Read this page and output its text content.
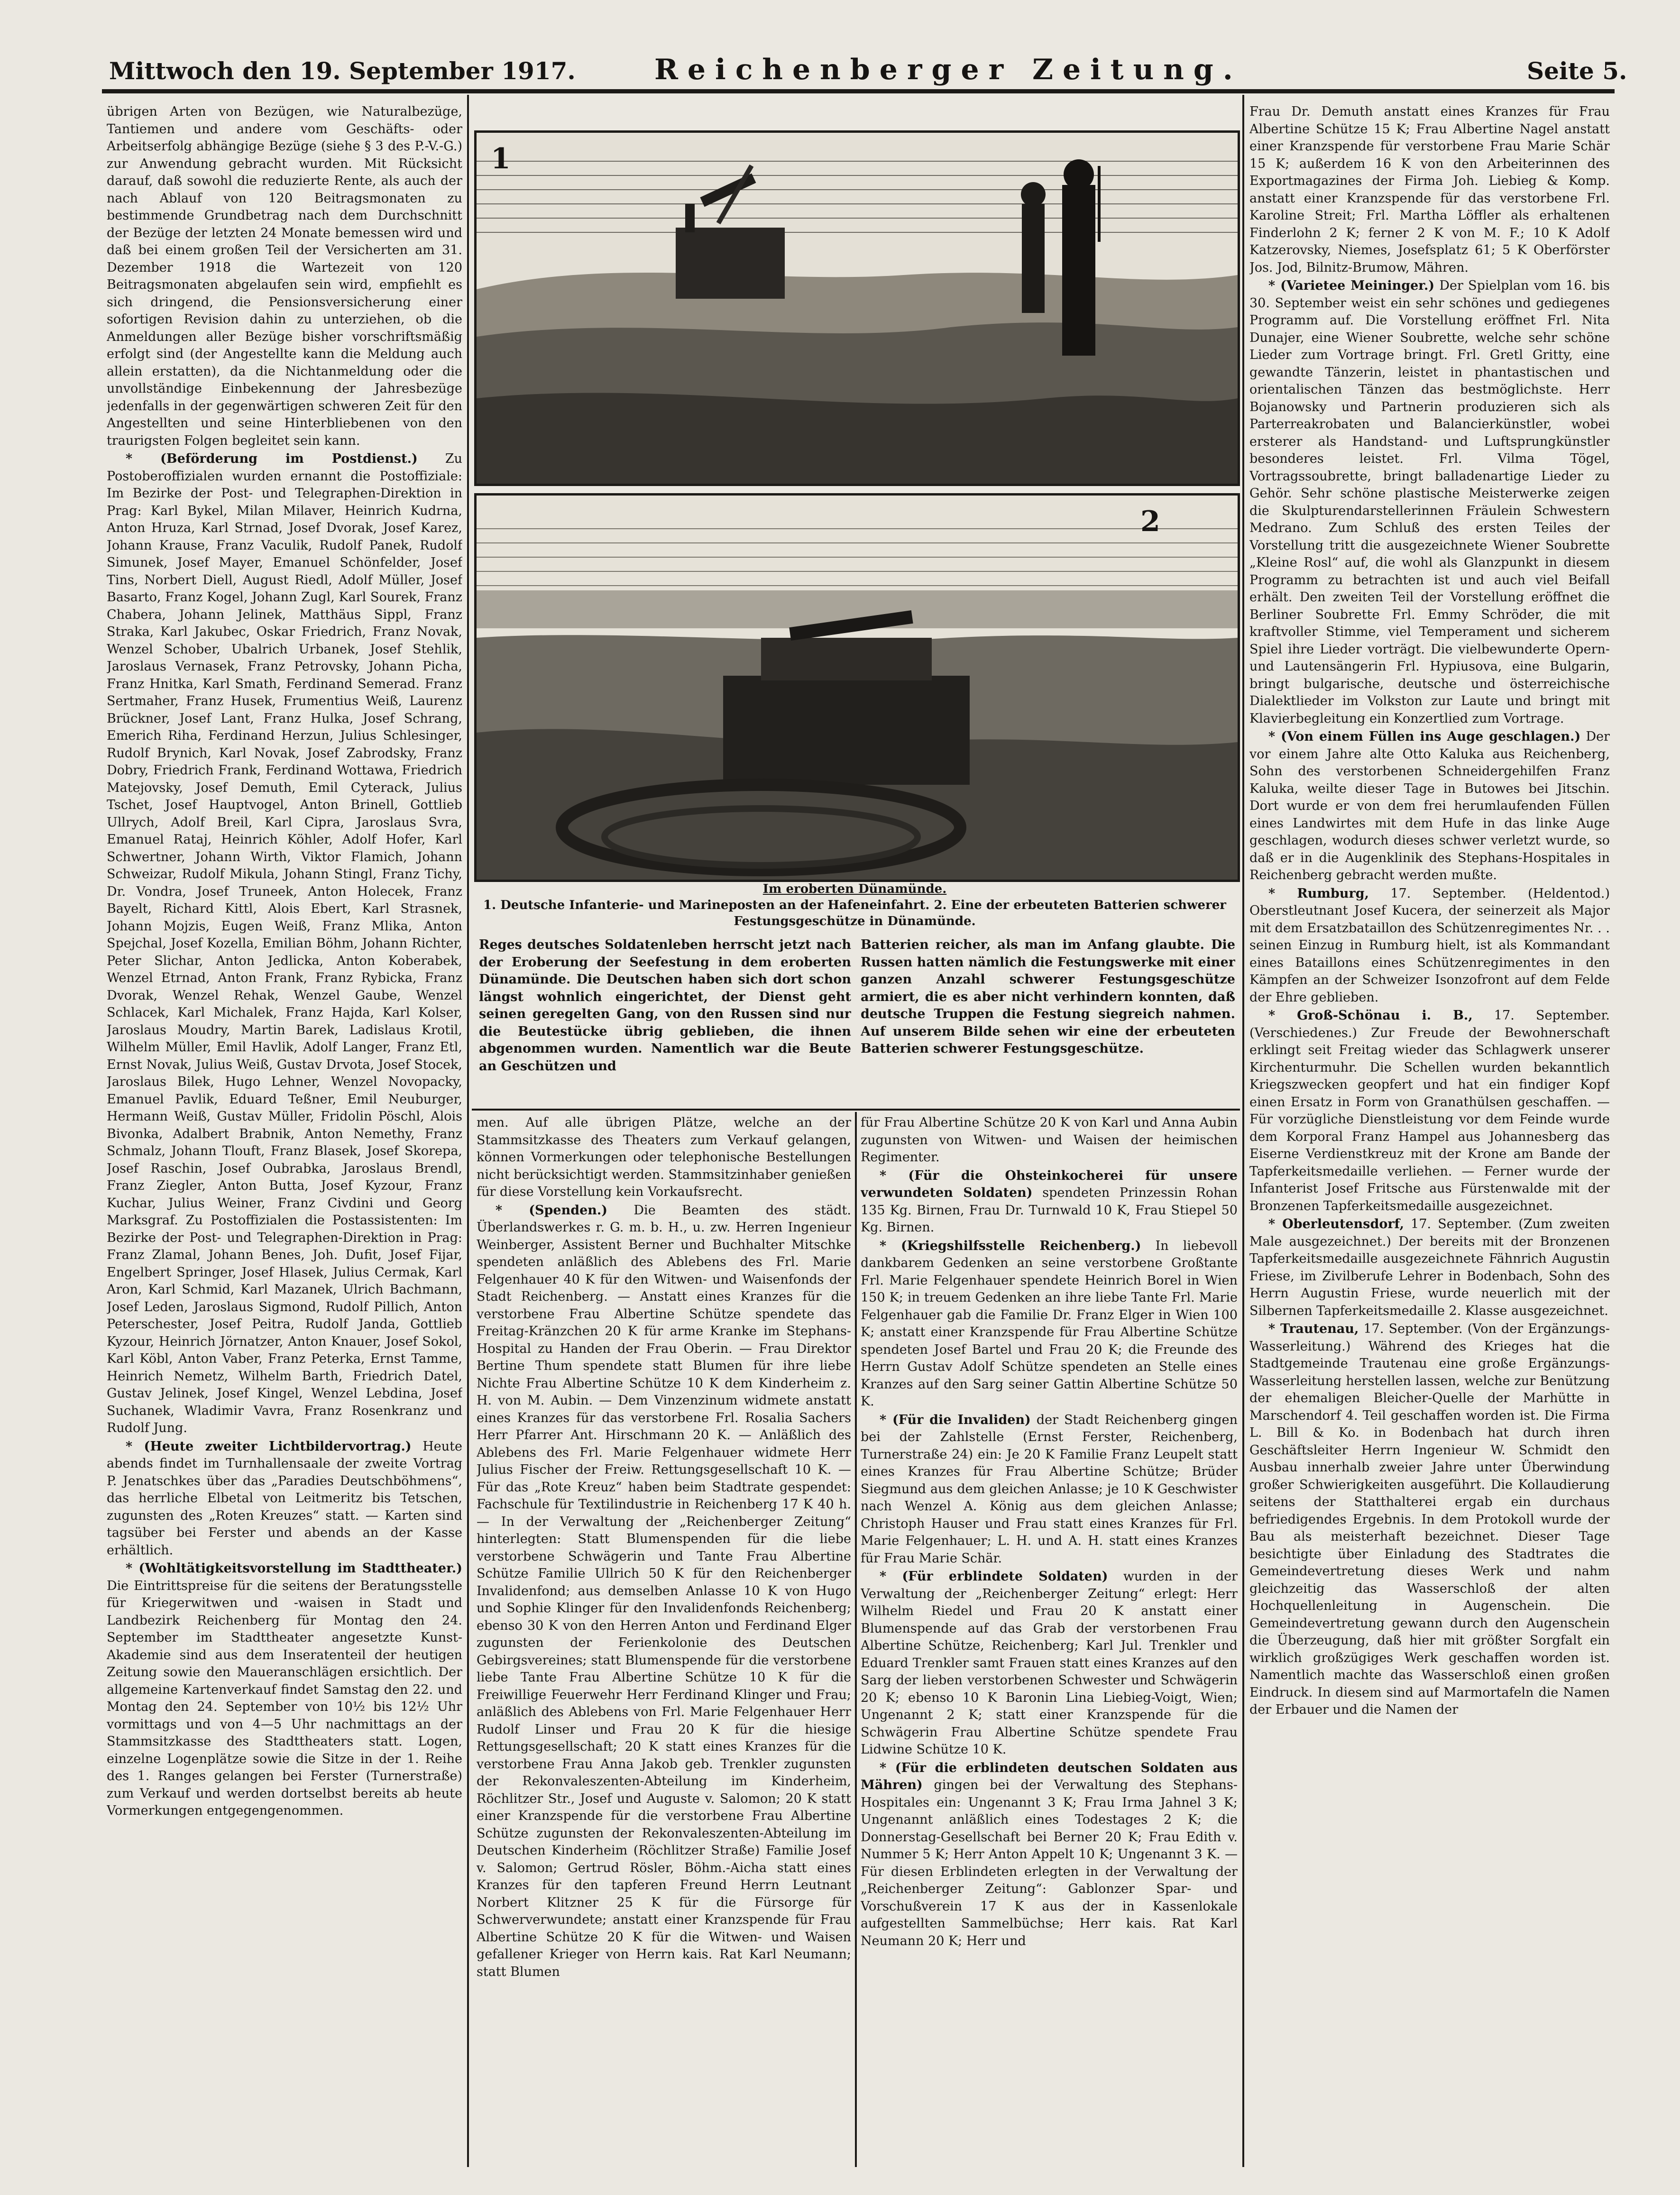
Mittwoch den 19. September 1917.	Reichenberger Zeitung.	Seite 5.

übrigen Arten von Bezügen, wie Naturalbezüge, Tantiemen und andere vom Geschäfts- oder Arbeitserfolg abhängige Bezüge (siehe § 3 des P.-V.-G.) zur Anwendung gebracht wurden. Mit Rücksicht darauf, daß sowohl die reduzierte Rente, als auch der nach Ablauf von 120 Beitragsmonaten zu bestimmende Grundbetrag nach dem Durchschnitt der Bezüge der letzten 24 Monate bemessen wird und daß bei einem großen Teil der Versicherten am 31. Dezember 1918 die Wartezeit von 120 Beitragsmonaten abgelaufen sein wird, empfiehlt es sich dringend, die Pensionsversicherung einer sofortigen Revision dahin zu unterziehen, ob die Anmeldungen aller Bezüge bisher vorschriftsmäßig erfolgt sind (der Angestellte kann die Meldung auch allein erstatten), da die Nichtanmeldung oder die unvollständige Einbekennung der Jahresbezüge jedenfalls in der gegenwärtigen schweren Zeit für den Angestellten und seine Hinterbliebenen von den traurigsten Folgen begleitet sein kann.

* (Beförderung im Postdienst.) Zu Postoberoffizialen wurden ernannt die Postoffiziale: Im Bezirke der Post- und Telegraphen-Direktion in Prag: Karl Bykel, Milan Milaver, Heinrich Kudrna, Anton Hruza, Karl Strnad, Josef Dvorak, Josef Karez, Johann Krause, Franz Vaculik, Rudolf Panek, Rudolf Simunek, Josef Mayer, Emanuel Schönfelder, Josef Tins, Norbert Diell, August Riedl, Adolf Müller, Josef Basarto, Franz Kogel, Johann Zugl, Karl Sourek, Franz Chabera, Johann Jelinek, Matthäus Sippl, Franz Straka, Karl Jakubec, Oskar Friedrich, Franz Novak, Wenzel Schober, Ubalrich Urbanek, Josef Stehlik, Jaroslaus Vernasek, Franz Petrovsky, Johann Picha, Franz Hnitka, Karl Smath, Ferdinand Semerad. Franz Sertmaher, Franz Husek, Frumentius Weiß, Laurenz Brückner, Josef Lant, Franz Hulka, Josef Schrang, Emerich Riha, Ferdinand Herzun, Julius Schlesinger, Rudolf Brynich, Karl Novak, Josef Zabrodsky, Franz Dobry, Friedrich Frank, Ferdinand Wottawa, Friedrich Matejovsky, Josef Demuth, Emil Cyterack, Julius Tschet, Josef Hauptvogel, Anton Brinell, Gottlieb Ullrych, Adolf Breil, Karl Cipra, Jaroslaus Svra, Emanuel Rataj, Heinrich Köhler, Adolf Hofer, Karl Schwertner, Johann Wirth, Viktor Flamich, Johann Schweizar, Rudolf Mikula, Johann Stingl, Franz Tichy, Dr. Vondra, Josef Truneek, Anton Holecek, Franz Bayelt, Richard Kittl, Alois Ebert, Karl Strasnek, Johann Mojzis, Eugen Weiß, Franz Mlika, Anton Spejchal, Josef Kozella, Emilian Böhm, Johann Richter, Peter Slichar, Anton Jedlicka, Anton Koberabek, Wenzel Etrnad, Anton Frank, Franz Rybicka, Franz Dvorak, Wenzel Rehak, Wenzel Gaube, Wenzel Schlacek, Karl Michalek, Franz Hajda, Karl Kolser, Jaroslaus Moudry, Martin Barek, Ladislaus Krotil, Wilhelm Müller, Emil Havlik, Adolf Langer, Franz Etl, Ernst Novak, Julius Weiß, Gustav Drvota, Josef Stocek, Jaroslaus Bilek, Hugo Lehner, Wenzel Novopacky, Emanuel Pavlik, Eduard Teßner, Emil Neuburger, Hermann Weiß, Gustav Müller, Fridolin Pöschl, Alois Bivonka, Adalbert Brabnik, Anton Nemethy, Franz Schmalz, Johann Tlouft, Franz Blasek, Josef Skorepa, Josef Raschin, Josef Oubrabka, Jaroslaus Brendl, Franz Ziegler, Anton Butta, Josef Kyzour, Franz Kuchar, Julius Weiner, Franz Civdini und Georg Marksgraf. Zu Postoffizialen die Postassistenten: Im Bezirke der Post- und Telegraphen-Direktion in Prag: Franz Zlamal, Johann Benes, Joh. Dufit, Josef Fijar, Engelbert Springer, Josef Hlasek, Julius Cermak, Karl Aron, Karl Schmid, Karl Mazanek, Ulrich Bachmann, Josef Leden, Jaroslaus Sigmond, Rudolf Pillich, Anton Peterschester, Josef Peitra, Rudolf Janda, Gottlieb Kyzour, Heinrich Jörnatzer, Anton Knauer, Josef Sokol, Karl Köbl, Anton Vaber, Franz Peterka, Ernst Tamme, Heinrich Nemetz, Wilhelm Barth, Friedrich Datel, Gustav Jelinek, Josef Kingel, Wenzel Lebdina, Josef Suchanek, Wladimir Vavra, Franz Rosenkranz und Rudolf Jung.

* (Heute zweiter Lichtbildervortrag.) Heute abends findet im Turnhallensaale der zweite Vortrag P. Jenatschkes über das „Paradies Deutschböhmens“, das herrliche Elbetal von Leitmeritz bis Tetschen, zugunsten des „Roten Kreuzes“ statt. — Karten sind tagsüber bei Ferster und abends an der Kasse erhältlich.

* (Wohltätigkeitsvorstellung im Stadttheater.) Die Eintrittspreise für die seitens der Beratungsstelle für Kriegerwitwen und -waisen in Stadt und Landbezirk Reichenberg für Montag den 24. September im Stadttheater angesetzte Kunst-Akademie sind aus dem Inseratenteil der heutigen Zeitung sowie den Maueranschlägen ersichtlich. Der allgemeine Kartenverkauf findet Samstag den 22. und Montag den 24. September von 10½ bis 12½ Uhr vormittags und von 4—5 Uhr nachmittags an der Stammsitzkasse des Stadttheaters statt. Logen, einzelne Logenplätze sowie die Sitze in der 1. Reihe des 1. Ranges gelangen bei Ferster (Turnerstraße) zum Verkauf und werden dortselbst bereits ab heute Vormerkungen entgegengenommen.

1
2
Im eroberten Dünamünde.
1. Deutsche Infanterie- und Marineposten an der Hafeneinfahrt. 2. Eine der erbeuteten Batterien schwerer Festungsgeschütze in Dünamünde.

Reges deutsches Soldatenleben herrscht jetzt nach der Eroberung der Seefestung in dem eroberten Dünamünde. Die Deutschen haben sich dort schon längst wohnlich eingerichtet, der Dienst geht seinen geregelten Gang, von den Russen sind nur die Beutestücke übrig geblieben, die ihnen abgenommen wurden. Namentlich war die Beute an Geschützen und

Batterien reicher, als man im Anfang glaubte. Die Russen hatten nämlich die Festungswerke mit einer ganzen Anzahl schwerer Festungsgeschütze armiert, die es aber nicht verhindern konnten, daß deutsche Truppen die Festung siegreich nahmen. Auf unserem Bilde sehen wir eine der erbeuteten Batterien schwerer Festungsgeschütze.

men. Auf alle übrigen Plätze, welche an der Stammsitzkasse des Theaters zum Verkauf gelangen, können Vormerkungen oder telephonische Bestellungen nicht berücksichtigt werden. Stammsitzinhaber genießen für diese Vorstellung kein Vorkaufsrecht.

* (Spenden.) Die Beamten des städt. Überlandswerkes r. G. m. b. H., u. zw. Herren Ingenieur Weinberger, Assistent Berner und Buchhalter Mitschke spendeten anläßlich des Ablebens des Frl. Marie Felgenhauer 40 K für den Witwen- und Waisenfonds der Stadt Reichenberg. — Anstatt eines Kranzes für die verstorbene Frau Albertine Schütze spendete das Freitag-Kränzchen 20 K für arme Kranke im Stephans-Hospital zu Handen der Frau Oberin. — Frau Direktor Bertine Thum spendete statt Blumen für ihre liebe Nichte Frau Albertine Schütze 10 K dem Kinderheim z. H. von M. Aubin. — Dem Vinzenzinum widmete anstatt eines Kranzes für das verstorbene Frl. Rosalia Sachers Herr Pfarrer Ant. Hirschmann 20 K. — Anläßlich des Ablebens des Frl. Marie Felgenhauer widmete Herr Julius Fischer der Freiw. Rettungsgesellschaft 10 K. — Für das „Rote Kreuz“ haben beim Stadtrate gespendet: Fachschule für Textilindustrie in Reichenberg 17 K 40 h. — In der Verwaltung der „Reichenberger Zeitung“ hinterlegten: Statt Blumenspenden für die liebe verstorbene Schwägerin und Tante Frau Albertine Schütze Familie Ullrich 50 K für den Reichenberger Invalidenfond; aus demselben Anlasse 10 K von Hugo und Sophie Klinger für den Invalidenfonds Reichenberg; ebenso 30 K von den Herren Anton und Ferdinand Elger zugunsten der Ferienkolonie des Deutschen Gebirgsvereines; statt Blumenspende für die verstorbene liebe Tante Frau Albertine Schütze 10 K für die Freiwillige Feuerwehr Herr Ferdinand Klinger und Frau; anläßlich des Ablebens von Frl. Marie Felgenhauer Herr Rudolf Linser und Frau 20 K für die hiesige Rettungsgesellschaft; 20 K statt eines Kranzes für die verstorbene Frau Anna Jakob geb. Trenkler zugunsten der Rekonvaleszenten-Abteilung im Kinderheim, Röchlitzer Str., Josef und Auguste v. Salomon; 20 K statt einer Kranzspende für die verstorbene Frau Albertine Schütze zugunsten der Rekonvaleszenten-Abteilung im Deutschen Kinderheim (Röchlitzer Straße) Familie Josef v. Salomon; Gertrud Rösler, Böhm.-Aicha statt eines Kranzes für den tapferen Freund Herrn Leutnant Norbert Klitzner 25 K für die Fürsorge für Schwerverwundete; anstatt einer Kranzspende für Frau Albertine Schütze 20 K für die Witwen- und Waisen gefallener Krieger von Herrn kais. Rat Karl Neumann; statt Blumen

für Frau Albertine Schütze 20 K von Karl und Anna Aubin zugunsten von Witwen- und Waisen der heimischen Regimenter.

* (Für die Ohsteinkocherei für unsere verwundeten Soldaten) spendeten Prinzessin Rohan 135 Kg. Birnen, Frau Dr. Turnwald 10 K, Frau Stiepel 50 Kg. Birnen.

* (Kriegshilfsstelle Reichenberg.) In liebevoll dankbarem Gedenken an seine verstorbene Großtante Frl. Marie Felgenhauer spendete Heinrich Borel in Wien 150 K; in treuem Gedenken an ihre liebe Tante Frl. Marie Felgenhauer gab die Familie Dr. Franz Elger in Wien 100 K; anstatt einer Kranzspende für Frau Albertine Schütze spendeten Josef Bartel und Frau 20 K; die Freunde des Herrn Gustav Adolf Schütze spendeten an Stelle eines Kranzes auf den Sarg seiner Gattin Albertine Schütze 50 K.

* (Für die Invaliden) der Stadt Reichenberg gingen bei der Zahlstelle (Ernst Ferster, Reichenberg, Turnerstraße 24) ein: Je 20 K Familie Franz Leupelt statt eines Kranzes für Frau Albertine Schütze; Brüder Siegmund aus dem gleichen Anlasse; je 10 K Geschwister nach Wenzel A. König aus dem gleichen Anlasse; Christoph Hauser und Frau statt eines Kranzes für Frl. Marie Felgenhauer; L. H. und A. H. statt eines Kranzes für Frau Marie Schär.

* (Für erblindete Soldaten) wurden in der Verwaltung der „Reichenberger Zeitung“ erlegt: Herr Wilhelm Riedel und Frau 20 K anstatt einer Blumenspende auf das Grab der verstorbenen Frau Albertine Schütze, Reichenberg; Karl Jul. Trenkler und Eduard Trenkler samt Frauen statt eines Kranzes auf den Sarg der lieben verstorbenen Schwester und Schwägerin 20 K; ebenso 10 K Baronin Lina Liebieg-Voigt, Wien; Ungenannt 2 K; statt einer Kranzspende für die Schwägerin Frau Albertine Schütze spendete Frau Lidwine Schütze 10 K.

* (Für die erblindeten deutschen Soldaten aus Mähren) gingen bei der Verwaltung des Stephans-Hospitales ein: Ungenannt 3 K; Frau Irma Jahnel 3 K; Ungenannt anläßlich eines Todestages 2 K; die Donnerstag-Gesellschaft bei Berner 20 K; Frau Edith v. Nummer 5 K; Herr Anton Appelt 10 K; Ungenannt 3 K. — Für diesen Erblindeten erlegten in der Verwaltung der „Reichenberger Zeitung“: Gablonzer Spar- und Vorschußverein 17 K aus der in Kassenlokale aufgestellten Sammelbüchse; Herr kais. Rat Karl Neumann 20 K; Herr und

Frau Dr. Demuth anstatt eines Kranzes für Frau Albertine Schütze 15 K; Frau Albertine Nagel anstatt einer Kranzspende für verstorbene Frau Marie Schär 15 K; außerdem 16 K von den Arbeiterinnen des Exportmagazines der Firma Joh. Liebieg & Komp. anstatt einer Kranzspende für das verstorbene Frl. Karoline Streit; Frl. Martha Löffler als erhaltenen Finderlohn 2 K; ferner 2 K von M. F.; 10 K Adolf Katzerovsky, Niemes, Josefsplatz 61; 5 K Oberförster Jos. Jod, Bilnitz-Brumow, Mähren.

* (Varietee Meininger.) Der Spielplan vom 16. bis 30. September weist ein sehr schönes und gediegenes Programm auf. Die Vorstellung eröffnet Frl. Nita Dunajer, eine Wiener Soubrette, welche sehr schöne Lieder zum Vortrage bringt. Frl. Gretl Gritty, eine gewandte Tänzerin, leistet in phantastischen und orientalischen Tänzen das bestmöglichste. Herr Bojanowsky und Partnerin produzieren sich als Parterreakrobaten und Balancierkünstler, wobei ersterer als Handstand- und Luftsprungkünstler besonderes leistet. Frl. Vilma Tögel, Vortragssoubrette, bringt balladenartige Lieder zu Gehör. Sehr schöne plastische Meisterwerke zeigen die Skulpturendarstellerinnen Fräulein Schwestern Medrano. Zum Schluß des ersten Teiles der Vorstellung tritt die ausgezeichnete Wiener Soubrette „Kleine Rosl“ auf, die wohl als Glanzpunkt in diesem Programm zu betrachten ist und auch viel Beifall erhält. Den zweiten Teil der Vorstellung eröffnet die Berliner Soubrette Frl. Emmy Schröder, die mit kraftvoller Stimme, viel Temperament und sicherem Spiel ihre Lieder vorträgt. Die vielbewunderte Opern- und Lautensängerin Frl. Hypiusova, eine Bulgarin, bringt bulgarische, deutsche und österreichische Dialektlieder im Volkston zur Laute und bringt mit Klavierbegleitung ein Konzertlied zum Vortrage.

* (Von einem Füllen ins Auge geschlagen.) Der vor einem Jahre alte Otto Kaluka aus Reichenberg, Sohn des verstorbenen Schneidergehilfen Franz Kaluka, weilte dieser Tage in Butowes bei Jitschin. Dort wurde er von dem frei herumlaufenden Füllen eines Landwirtes mit dem Hufe in das linke Auge geschlagen, wodurch dieses schwer verletzt wurde, so daß er in die Augenklinik des Stephans-Hospitales in Reichenberg gebracht werden mußte.

* Rumburg, 17. September. (Heldentod.) Oberstleutnant Josef Kucera, der seinerzeit als Major mit dem Ersatzbataillon des Schützenregimentes Nr. . . seinen Einzug in Rumburg hielt, ist als Kommandant eines Bataillons eines Schützenregimentes in den Kämpfen an der Schweizer Isonzofront auf dem Felde der Ehre geblieben.

* Groß-Schönau i. B., 17. September. (Verschiedenes.) Zur Freude der Bewohnerschaft erklingt seit Freitag wieder das Schlagwerk unserer Kirchenturmuhr. Die Schellen wurden bekanntlich Kriegszwecken geopfert und hat ein findiger Kopf einen Ersatz in Form von Granathülsen geschaffen. — Für vorzügliche Dienstleistung vor dem Feinde wurde dem Korporal Franz Hampel aus Johannesberg das Eiserne Verdienstkreuz mit der Krone am Bande der Tapferkeitsmedaille verliehen. — Ferner wurde der Infanterist Josef Fritsche aus Fürstenwalde mit der Bronzenen Tapferkeitsmedaille ausgezeichnet.

* Oberleutensdorf, 17. September. (Zum zweiten Male ausgezeichnet.) Der bereits mit der Bronzenen Tapferkeitsmedaille ausgezeichnete Fähnrich Augustin Friese, im Zivilberufe Lehrer in Bodenbach, Sohn des Herrn Augustin Friese, wurde neuerlich mit der Silbernen Tapferkeitsmedaille 2. Klasse ausgezeichnet.

* Trautenau, 17. September. (Von der Ergänzungs-Wasserleitung.) Während des Krieges hat die Stadtgemeinde Trautenau eine große Ergänzungs-Wasserleitung herstellen lassen, welche zur Benützung der ehemaligen Bleicher-Quelle der Marhütte in Marschendorf 4. Teil geschaffen worden ist. Die Firma L. Bill & Ko. in Bodenbach hat durch ihren Geschäftsleiter Herrn Ingenieur W. Schmidt den Ausbau innerhalb zweier Jahre unter Überwindung großer Schwierigkeiten ausgeführt. Die Kollaudierung seitens der Statthalterei ergab ein durchaus befriedigendes Ergebnis. In dem Protokoll wurde der Bau als meisterhaft bezeichnet. Dieser Tage besichtigte über Einladung des Stadtrates die Gemeindevertretung dieses Werk und nahm gleichzeitig das Wasserschloß der alten Hochquellenleitung in Augenschein. Die Gemeindevertretung gewann durch den Augenschein die Überzeugung, daß hier mit größter Sorgfalt ein wirklich großzügiges Werk geschaffen worden ist. Namentlich machte das Wasserschloß einen großen Eindruck. In diesem sind auf Marmortafeln die Namen der Erbauer und die Namen der
